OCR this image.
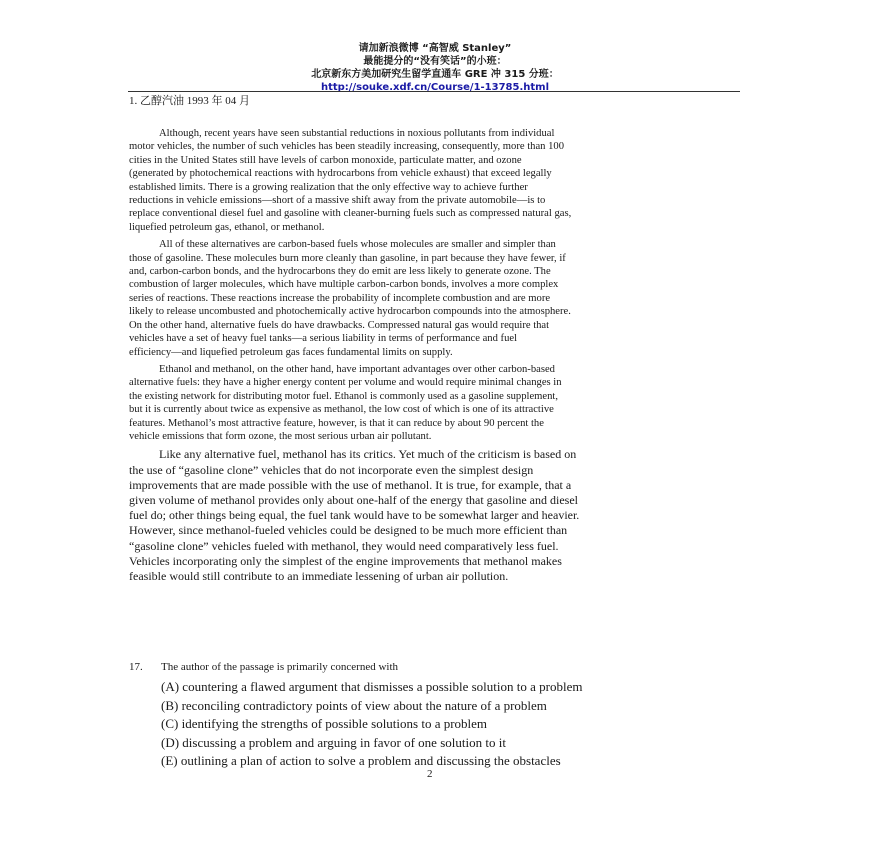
请加新浪微博 “高智威 Stanley”
最能提分的“没有笑话”的小班：
北京新东方美加研究生留学直通车 GRE 冲 315 分班：
http://souke.xdf.cn/Course/1-13785.html
1. 乙醇汽油 1993 年 04 月
Although, recent years have seen substantial reductions in noxious pollutants from individual
motor vehicles, the number of such vehicles has been steadily increasing, consequently, more than 100
cities in the United States still have levels of carbon monoxide, particulate matter, and ozone
(generated by photochemical reactions with hydrocarbons from vehicle exhaust) that exceed legally
established limits. There is a growing realization that the only effective way to achieve further
reductions in vehicle emissions—short of a massive shift away from the private automobile—is to
replace conventional diesel fuel and gasoline with cleaner-burning fuels such as compressed natural gas,
liquefied petroleum gas, ethanol, or methanol.
All of these alternatives are carbon-based fuels whose molecules are smaller and simpler than
those of gasoline. These molecules burn more cleanly than gasoline, in part because they have fewer, if
and, carbon-carbon bonds, and the hydrocarbons they do emit are less likely to generate ozone. The
combustion of larger molecules, which have multiple carbon-carbon bonds, involves a more complex
series of reactions. These reactions increase the probability of incomplete combustion and are more
likely to release uncombusted and photochemically active hydrocarbon compounds into the atmosphere.
On the other hand, alternative fuels do have drawbacks. Compressed natural gas would require that
vehicles have a set of heavy fuel tanks—a serious liability in terms of performance and fuel
efficiency—and liquefied petroleum gas faces fundamental limits on supply.
Ethanol and methanol, on the other hand, have important advantages over other carbon-based
alternative fuels: they have a higher energy content per volume and would require minimal changes in
the existing network for distributing motor fuel. Ethanol is commonly used as a gasoline supplement,
but it is currently about twice as expensive as methanol, the low cost of which is one of its attractive
features. Methanol’s most attractive feature, however, is that it can reduce by about 90 percent the
vehicle emissions that form ozone, the most serious urban air pollutant.
Like any alternative fuel, methanol has its critics. Yet much of the criticism is based on
the use of “gasoline clone” vehicles that do not incorporate even the simplest design
improvements that are made possible with the use of methanol. It is true, for example, that a
given volume of methanol provides only about one-half of the energy that gasoline and diesel
fuel do; other things being equal, the fuel tank would have to be somewhat larger and heavier.
However, since methanol-fueled vehicles could be designed to be much more efficient than
“gasoline clone” vehicles fueled with methanol, they would need comparatively less fuel.
Vehicles incorporating only the simplest of the engine improvements that methanol makes
feasible would still contribute to an immediate lessening of urban air pollution.
17. The author of the passage is primarily concerned with
(A) countering a flawed argument that dismisses a possible solution to a problem
(B) reconciling contradictory points of view about the nature of a problem
(C) identifying the strengths of possible solutions to a problem
(D) discussing a problem and arguing in favor of one solution to it
(E) outlining a plan of action to solve a problem and discussing the obstacles
2
